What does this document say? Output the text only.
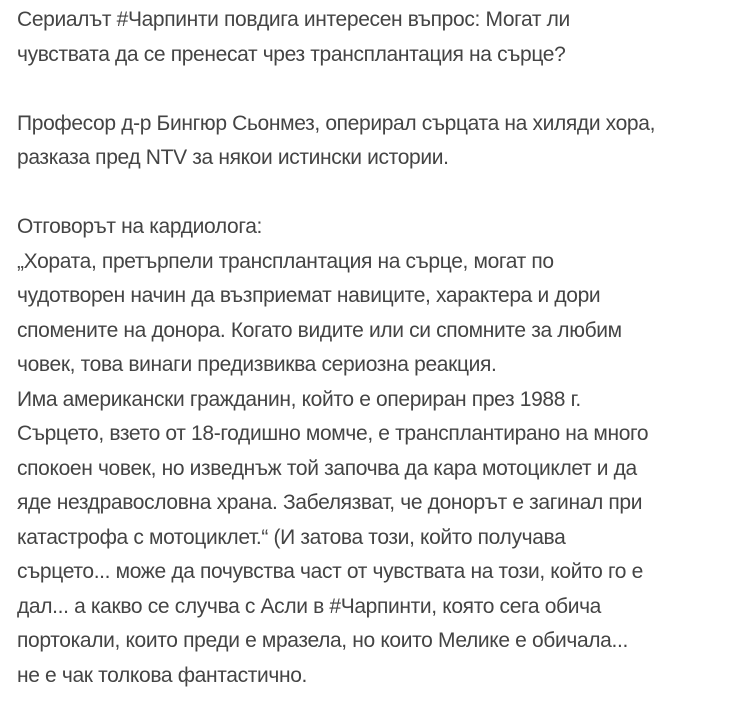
Сериалът #Чарпинти повдига интересен въпрос: Могат ли
чувствата да се пренесат чрез трансплантация на сърце?

Професор д-р Бингюр Сьонмез, оперирал сърцата на хиляди хора,
разказа пред NTV за някои истински истории.

Отговорът на кардиолога:
„Хората, претърпели трансплантация на сърце, могат по
чудотворен начин да възприемат навиците, характера и дори
спомените на донора. Когато видите или си спомните за любим
човек, това винаги предизвиква сериозна реакция.
Има американски гражданин, който е опериран през 1988 г.
Сърцето, взето от 18-годишно момче, е трансплантирано на много
спокоен човек, но изведнъж той започва да кара мотоциклет и да
яде нездравословна храна. Забелязват, че донорът е загинал при
катастрофа с мотоциклет.“ (И затова този, който получава
сърцето... може да почувства част от чувствата на този, който го е
дал... а какво се случва с Асли в #Чарпинти, която сега обича
портокали, които преди е мразела, но които Мелике е обичала...
не е чак толкова фантастично.
